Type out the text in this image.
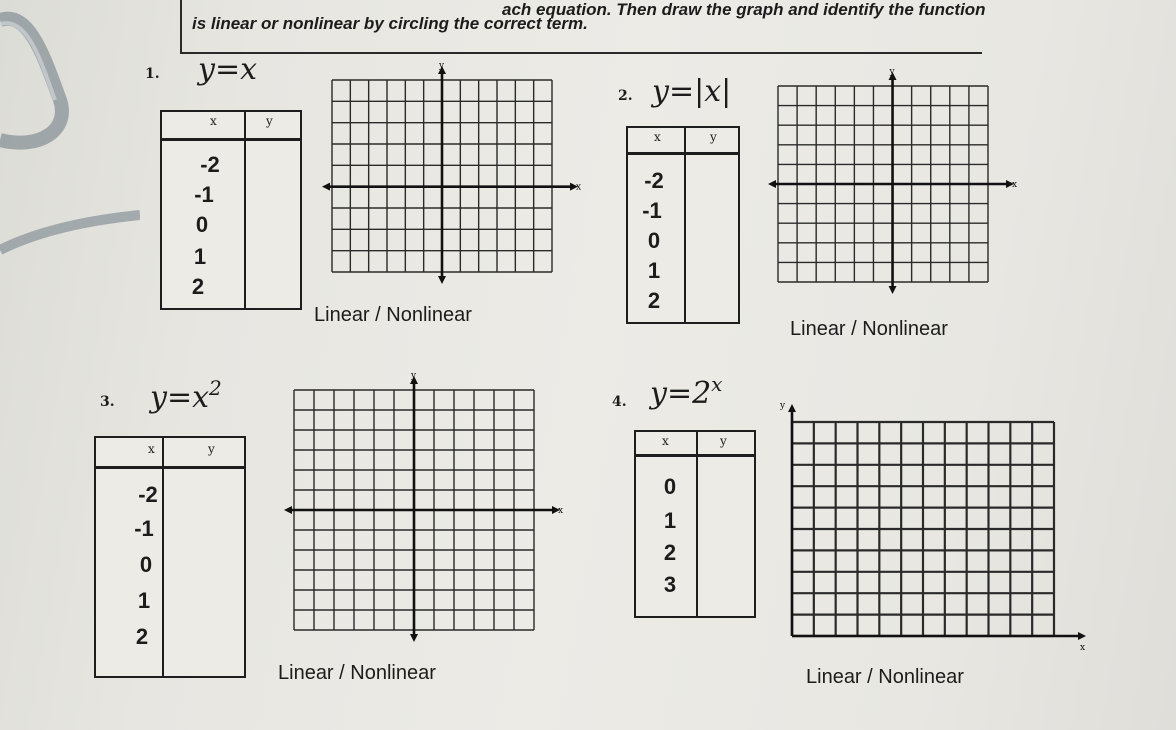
ach equation. Then draw the graph and identify the function
is linear or nonlinear by circling the correct term.
1. y=x
x	y
-2
-1
0
1
2
y
x
Linear / Nonlinear
2. y=|x|
x	y
-2
-1
0
1
2
y
x
Linear / Nonlinear
3. $y=x^2$
x	y
-2
-1
0
1
2
y
x
Linear / Nonlinear
4. $y=2^x$
x	y
0
1
2
3
y
x
Linear / Nonlinear
